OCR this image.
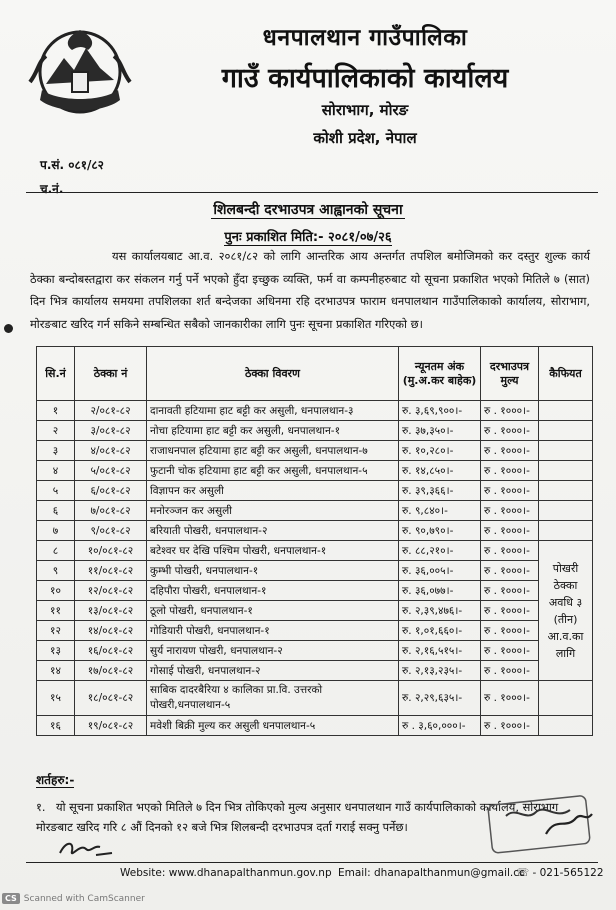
धनपालथान गाउँपालिका
गाउँ कार्यपालिकाको कार्यालय
सोराभाग, मोरङ
कोशी प्रदेश, नेपाल
प.सं. ०८१/८२
च.नं.
शिलबन्दी दरभाउपत्र आह्वानको सूचना
पुनः प्रकाशित मिति:- २०८१/०७/२६
यस कार्यालयबाट आ.व. २०८१/८२ को लागि आन्तरिक आय अन्तर्गत तपशिल बमोजिमको कर दस्तुर शुल्क कार्य ठेक्का बन्दोबस्तद्वारा कर संकलन गर्नु पर्ने भएको हुँदा इच्छुक व्यक्ति, फर्म वा कम्पनीहरुबाट यो सूचना प्रकाशित भएको मितिले ७ (सात) दिन भित्र कार्यालय समयमा तपशिलका शर्त बन्देजका अधिनमा रहि दरभाउपत्र फाराम धनपालथान गाउँपालिकाको कार्यालय, सोराभाग, मोरङबाट खरिद गर्न सकिने सम्बन्धित सबैको जानकारीका लागि पुनः सूचना प्रकाशित गरिएको छ।
सि.नं	ठेक्का नं	ठेक्का विवरण	न्यूनतम अंक (मु.अ.कर बाहेक)	दरभाउपत्र मुल्य	कैफियत
१	२/०८१-८२	दानावती हटियामा हाट बट्टी कर असुली, धनपालथान-३	रु. ३,६९,९००।-	रु . १०००।-	
२	३/०८१-८२	नोचा हटियामा हाट बट्टी कर असुली, धनपालथान-१	रु. ३७,३५०।-	रु . १०००।-	
३	४/०८१-८२	राजाधनपाल हटियामा हाट बट्टी कर असुली, धनपालथान-७	रु. १०,२८०।-	रु . १०००।-	
४	५/०८१-८२	फुटानी चोक हटियामा हाट बट्टी कर असुली, धनपालथान-५	रु. १४,८५०।-	रु . १०००।-	
५	६/०८१-८२	विज्ञापन कर असुली	रु. ३९,३६६।-	रु . १०००।-	
६	७/०८१-८२	मनोरञ्जन कर असुली	रु. ९,८४०।-	रु . १०००।-	
७	९/०८१-८२	बरियाती पोखरी, धनपालथान-२	रु. ९०,७९०।-	रु . १०००।-	
८	१०/०८१-८२	बटेश्वर घर देखि पश्चिम पोखरी, धनपालथान-१	रु. ८८,२१०।-	रु . १०००।-	पोखरी ठेक्का अवधि ३ (तीन) आ.व.का लागि
९	११/०८१-८२	कुम्भी पोखरी, धनपालथान-१	रु. ३६,००५।-	रु . १०००।-	
१०	१२/०८१-८२	दहिपौरा पोखरी, धनपालथान-१	रु. ३६,०७७।-	रु . १०००।-	
११	१३/०८१-८२	ठूलो पोखरी, धनपालथान-१	रु. २,३९,४७६।-	रु . १०००।-	
१२	१४/०८१-८२	गोडियारी पोखरी, धनपालथान-१	रु. १,०१,६६०।-	रु . १०००।-	
१३	१६/०८१-८२	सुर्य नारायण पोखरी, धनपालथान-२	रु. २,१६,५१५।-	रु . १०००।-	
१४	१७/०८१-८२	गोसाई पोखरी, धनपालथान-२	रु. २,१३,२३५।-	रु . १०००।-	
१५	१८/०८१-८२	साबिक दादरबैरिया ४ कालिका प्रा.वि. उत्तरको पोखरी,धनपालथान-५	रु. २,२९,६३५।-	रु . १०००।-	
१६	१९/०८१-८२	मवेशी बिक्री मुल्य कर असुली धनपालथान-५	रु . ३,६०,०००।-	रु . १०००।-	
शर्तहरु:-
१. यो सूचना प्रकाशित भएको मितिले ७ दिन भित्र तोकिएको मुल्य अनुसार धनपालथान गाउँ कार्यपालिकाको कार्यालय, सोराभाग मोरङबाट खरिद गरि ८ औं दिनको १२ बजे भित्र शिलबन्दी दरभाउपत्र दर्ता गराई सक्नु पर्नेछ।
Website: www.dhanapalthanmun.gov.np Email: dhanapalthanmun@gmail.cc
☏ - 021-565122
CS Scanned with CamScanner
